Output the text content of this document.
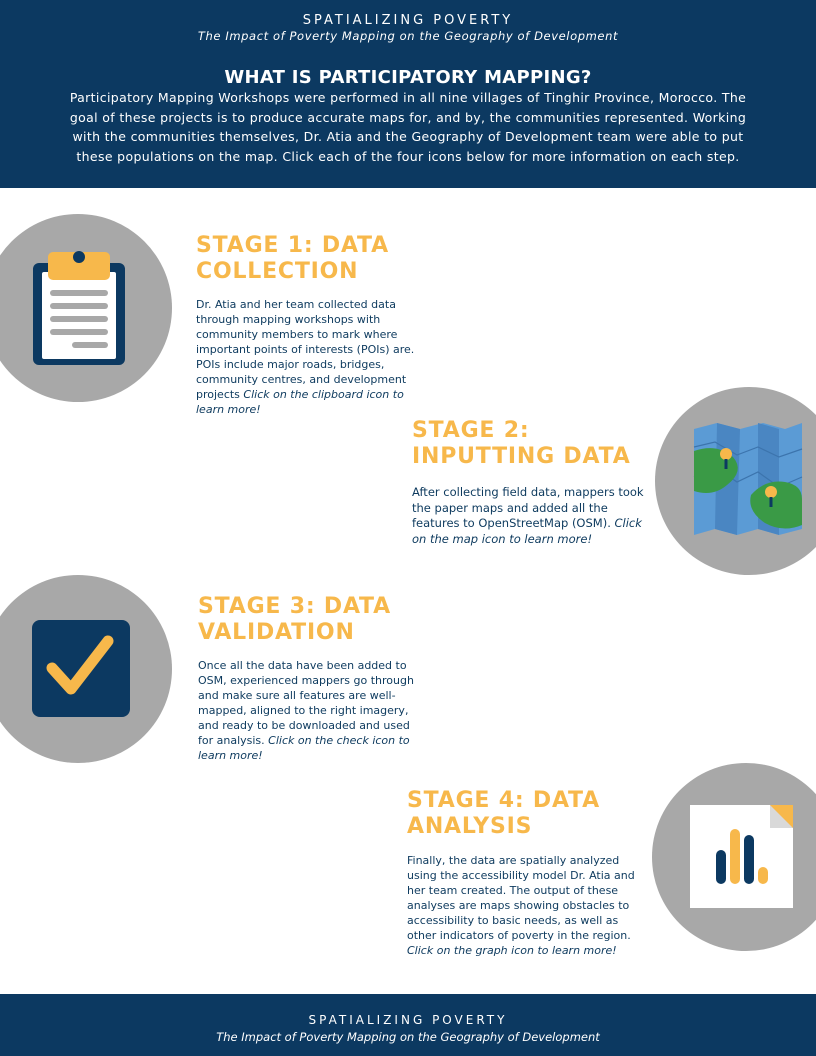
SPATIALIZING POVERTY
The Impact of Poverty Mapping on the Geography of Development
WHAT IS PARTICIPATORY MAPPING?
Participatory Mapping Workshops were performed in all nine villages of Tinghir Province, Morocco. The goal of these projects is to produce accurate maps for, and by, the communities represented. Working with the communities themselves, Dr. Atia and the Geography of Development team were able to put these populations on the map. Click each of the four icons below for more information on each step.
STAGE 1: DATA
COLLECTION
Dr. Atia and her team collected data through mapping workshops with community members to mark where important points of interests (POIs) are. POIs include major roads, bridges, community centres, and development projects Click on the clipboard icon to learn more!
STAGE 2:
INPUTTING DATA
After collecting field data, mappers took the paper maps and added all the features to OpenStreetMap (OSM). Click on the map icon to learn more!
STAGE 3: DATA
VALIDATION
Once all the data have been added to OSM, experienced mappers go through and make sure all features are well-mapped, aligned to the right imagery, and ready to be downloaded and used for analysis. Click on the check icon to learn more!
STAGE 4: DATA
ANALYSIS
Finally, the data are spatially analyzed using the accessibility model Dr. Atia and her team created. The output of these analyses are maps showing obstacles to accessibility to basic needs, as well as other indicators of poverty in the region. Click on the graph icon to learn more!
SPATIALIZING POVERTY
The Impact of Poverty Mapping on the Geography of Development
